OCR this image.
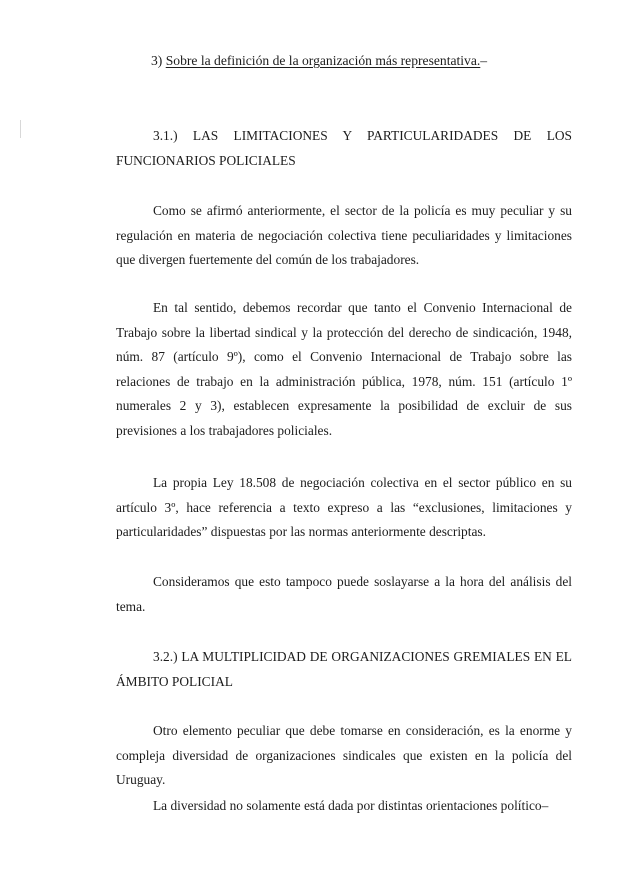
3) Sobre la definición de la organización más representativa.–
3.1.) LAS LIMITACIONES Y PARTICULARIDADES DE LOS FUNCIONARIOS POLICIALES
Como se afirmó anteriormente, el sector de la policía es muy peculiar y su regulación en materia de negociación colectiva tiene peculiaridades y limitaciones que divergen fuertemente del común de los trabajadores.
En tal sentido, debemos recordar que tanto el Convenio Internacional de Trabajo sobre la libertad sindical y la protección del derecho de sindicación, 1948, núm. 87 (artículo 9º), como el Convenio Internacional de Trabajo sobre las relaciones de trabajo en la administración pública, 1978, núm. 151 (artículo 1º numerales 2 y 3), establecen expresamente la posibilidad de excluir de sus previsiones a los trabajadores policiales.
La propia Ley 18.508 de negociación colectiva en el sector público en su artículo 3º, hace referencia a texto expreso a las “exclusiones, limitaciones y particularidades” dispuestas por las normas anteriormente descriptas.
Consideramos que esto tampoco puede soslayarse a la hora del análisis del tema.
3.2.) LA MULTIPLICIDAD DE ORGANIZACIONES GREMIALES EN EL ÁMBITO POLICIAL
Otro elemento peculiar que debe tomarse en consideración, es la enorme y compleja diversidad de organizaciones sindicales que existen en la policía del Uruguay.
La diversidad no solamente está dada por distintas orientaciones político–
